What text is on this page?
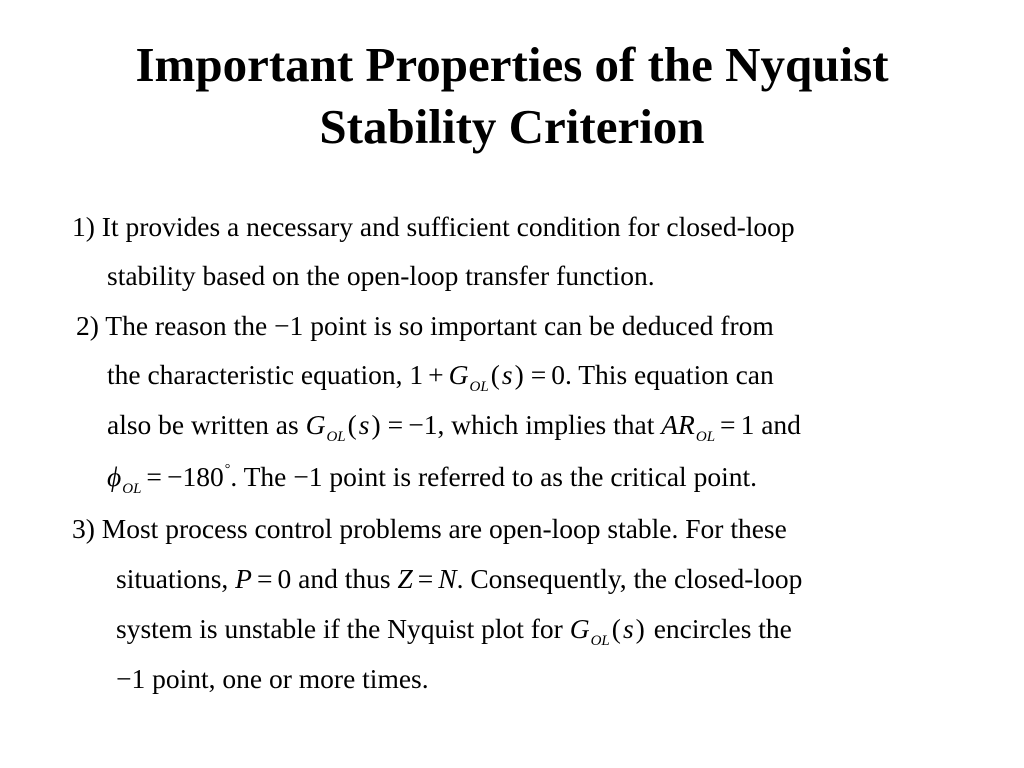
Important Properties of the Nyquist
Stability Criterion
1) It provides a necessary and sufficient condition for closed-loop
stability based on the open-loop transfer function.
2) The reason the −1 point is so important can be deduced from
the characteristic equation, $1 + G_{OL}(s) = 0$. This equation can
also be written as $G_{OL}(s) = -1$, which implies that $AR_{OL} = 1$ and
$\phi_{OL} = -180^\circ$. The −1 point is referred to as the critical point.
3) Most process control problems are open-loop stable. For these
situations, P = 0 and thus Z = N. Consequently, the closed-loop
system is unstable if the Nyquist plot for $G_{OL}(s)$ encircles the
−1 point, one or more times.
